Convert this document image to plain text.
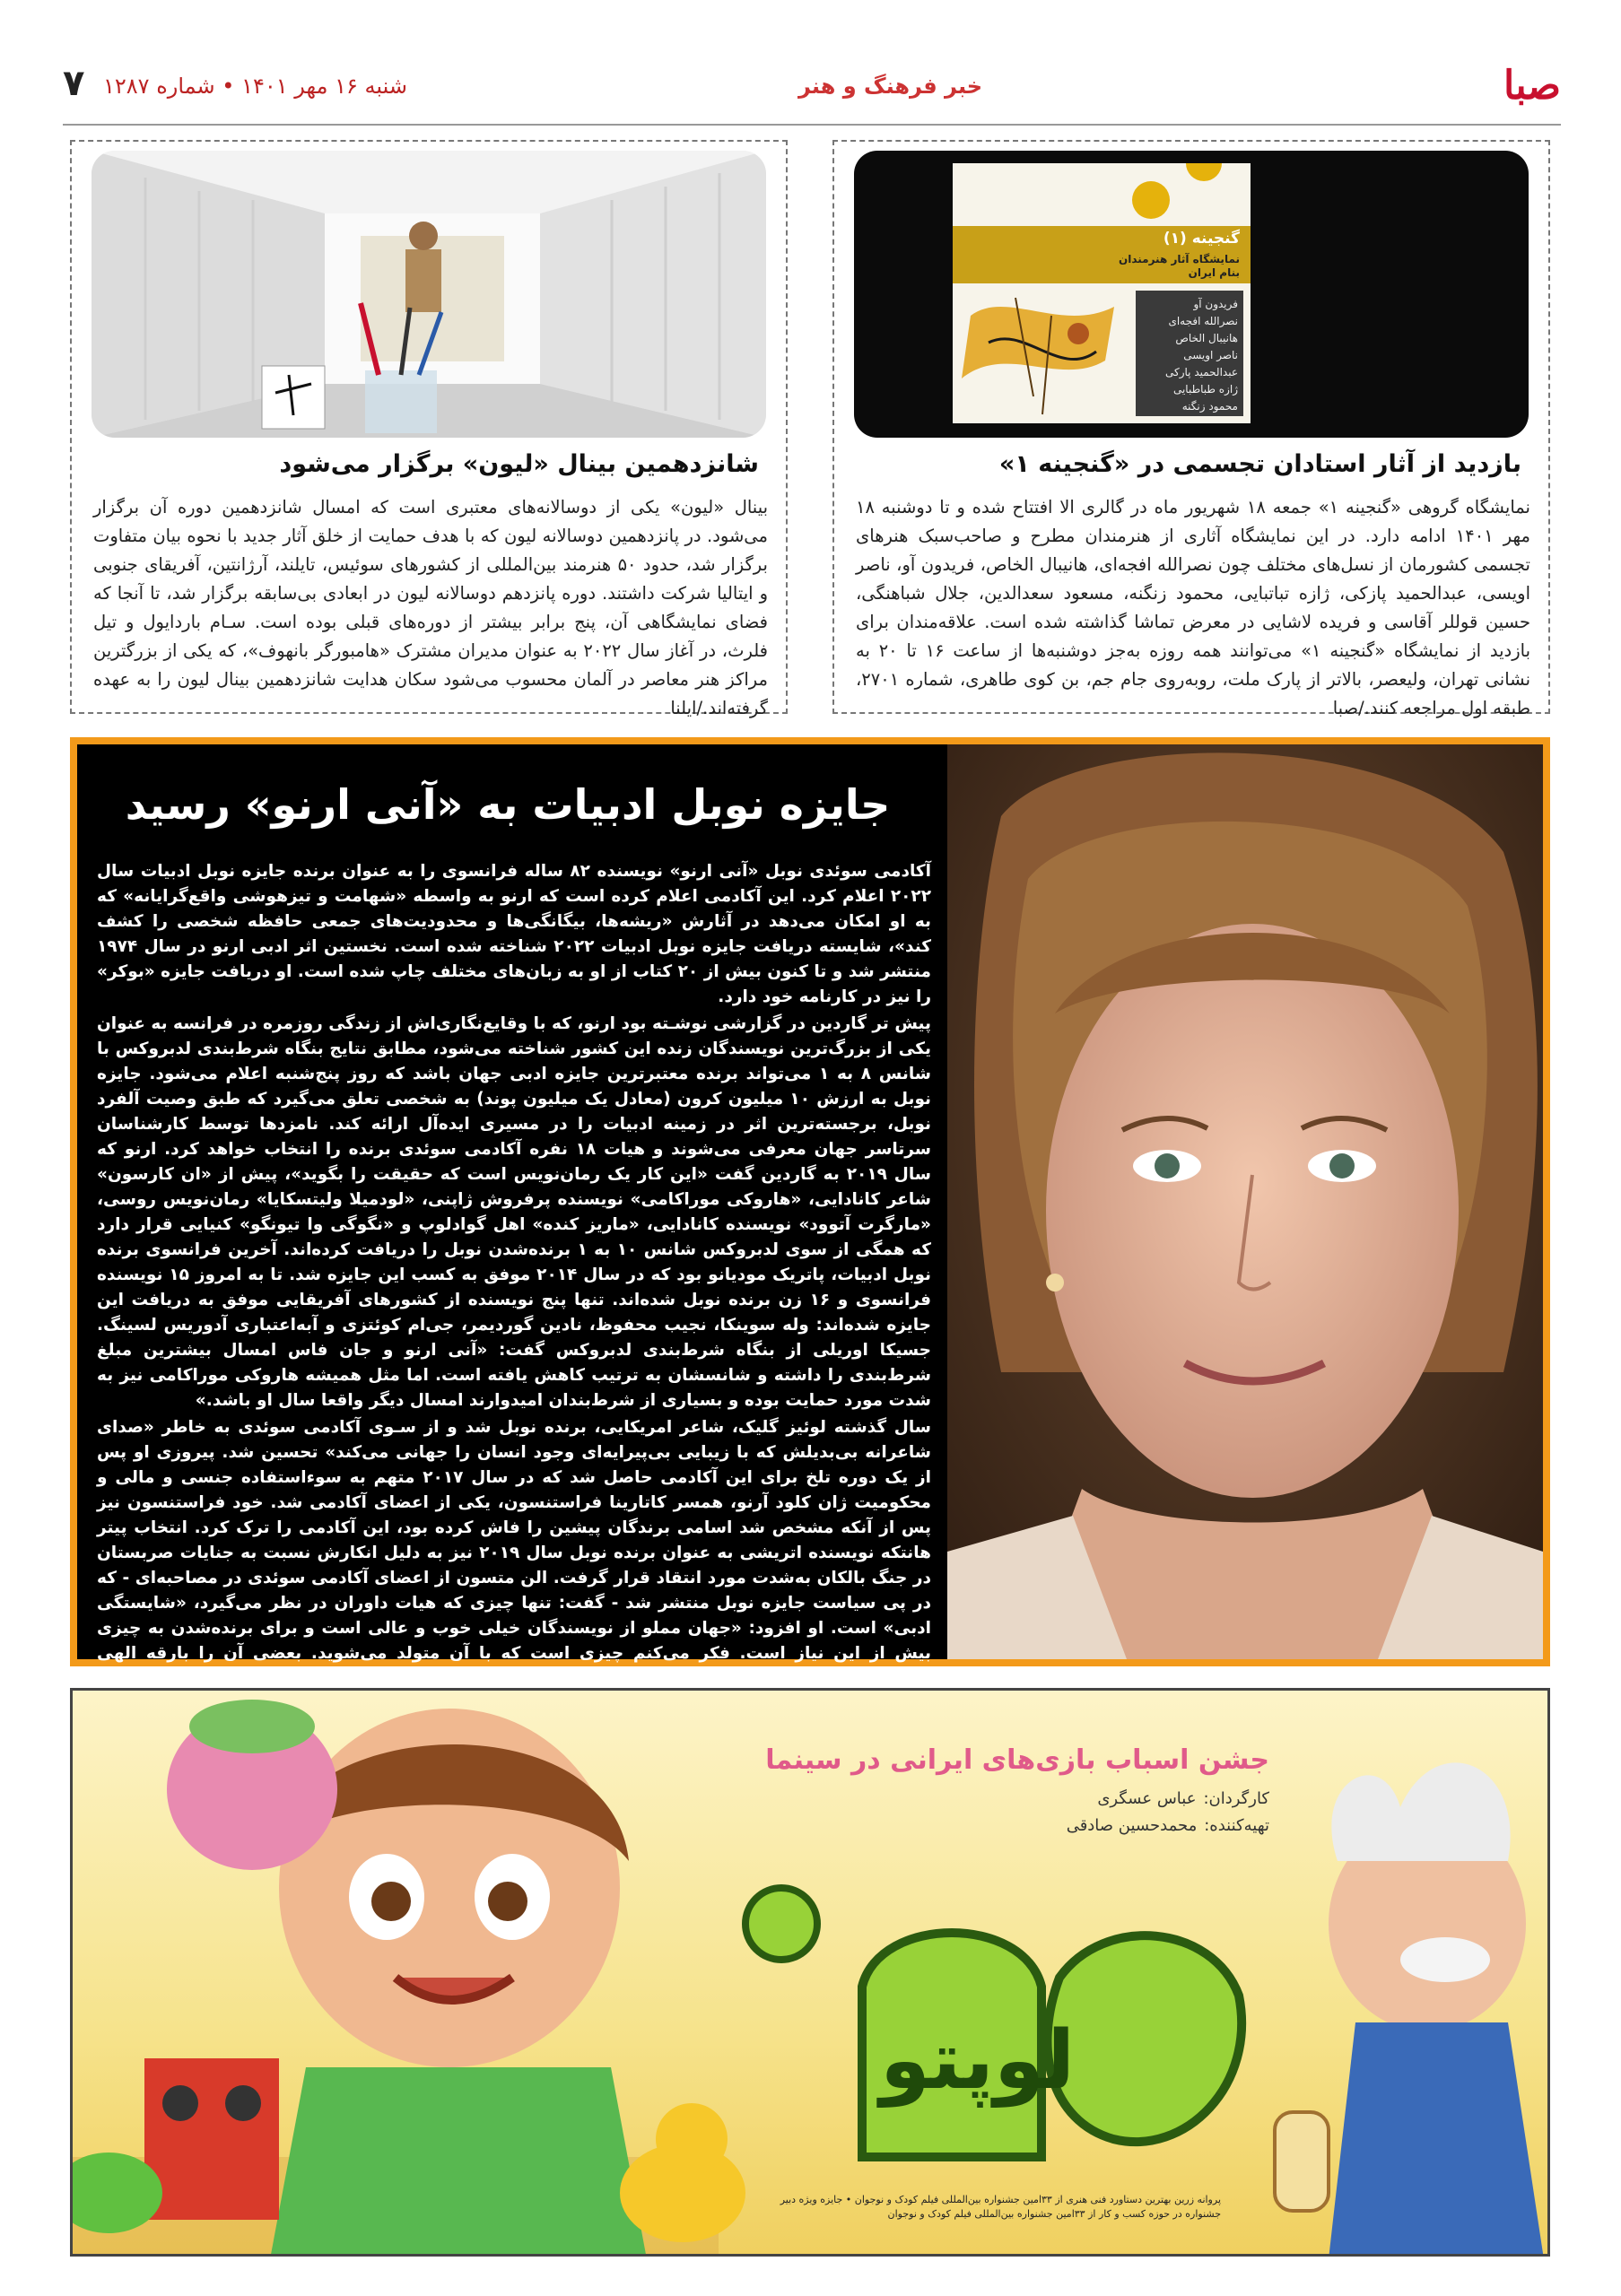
۷ شنبه ۱۶ مهر ۱۴۰۱ • شماره ۱۲۸۷	خبر فرهنگ و هنر	صبا
گنجینه (۱)
نمایشگاه آثار هنرمندان بنام ایران
فریدون آو
نصرالله افجه‌ای
هانیبال الخاص
ناصر اویسی
عبدالحمید پارکی
ژازه طباطبایی
محمود زنگنه
بازدید از آثار استادان تجسمی در «گنجینه ۱»
نمایشگاه گروهی «گنجینه ۱» جمعه ۱۸ شهریور ماه در گالری الا افتتاح شده و تا دوشنبه ۱۸ مهر ۱۴۰۱ ادامه دارد. در این نمایشگاه آثاری از هنرمندان مطرح و صاحب‌سبک هنرهای تجسمی کشورمان از نسل‌های مختلف چون نصرالله افجه‌ای، هانیبال الخاص، فریدون آو، ناصر اویسی، عبدالحمید پازکی، ژازه تباتبایی، محمود زنگنه، مسعود سعدالدین، جلال شباهنگی، حسین قوللر آقاسی و فریده لاشایی در معرض تماشا گذاشته شده است. علاقه‌مندان برای بازدید از نمایشگاه «گنجینه ۱» می‌توانند همه روزه به‌جز دوشنبه‌ها از ساعت ۱۶ تا ۲۰ به نشانی تهران، ولیعصر، بالاتر از پارک ملت، روبه‌روی جام جم، بن کوی طاهری، شماره ۲۷۰۱، طبقه اول مراجعه کنند./صبا
شانزدهمین بینال «لیون» برگزار می‌شود
بینال «لیون» یکی از دوسالانه‌های معتبری است که امسال شانزدهمین دوره آن برگزار می‌شود. در پانزدهمین دوسالانه لیون که با هدف حمایت از خلق آثار جدید با نحوه بیان متفاوت برگزار شد، حدود ۵۰ هنرمند بین‌المللی از کشورهای سوئیس، تایلند، آرژانتین، آفریقای جنوبی و ایتالیا شرکت داشتند. دوره پانزدهم دوسالانه لیون در ابعادی بی‌سابقه برگزار شد، تا آنجا که فضای نمایشگاهی آن، پنج برابر بیشتر از دوره‌های قبلی بوده است. سـام باردایول و تیل فلرث، در آغاز سال ۲۰۲۲ به عنوان مدیران مشترک «هامبورگر بانهوف»، که یکی از بزرگترین مراکز هنر معاصر در آلمان محسوب می‌شود سکان هدایت شانزدهمین بینال لیون را به عهده گرفته‌اند./ایلنا
جایزه نوبل ادبیات به «آنی ارنو» رسید

آکادمی سوئدی نوبل «آنی ارنو» نویسنده ۸۲ ساله فرانسوی را به عنوان برنده جایزه نوبل ادبیات سال ۲۰۲۲ اعلام کرد. این آکادمی اعلام کرده است که ارنو به واسطه «شهامت و تیزهوشی واقع‌گرایانه» که به او امکان می‌دهد در آثارش «ریشه‌ها، بیگانگی‌ها و محدودیت‌های جمعی حافظه شخصی را کشف کند»، شایسته دریافت جایزه نوبل ادبیات ۲۰۲۲ شناخته شده است. نخستین اثر ادبی ارنو در سال ۱۹۷۴ منتشر شد و تا کنون بیش از ۲۰ کتاب از او به زبان‌های مختلف چاپ شده است. او دریافت جایزه «بوکر» را نیز در کارنامه خود دارد.

پیش تر گاردین در گزارشی نوشـته بود ارنو، که با وقایع‌نگاری‌اش از زندگی روزمره در فرانسه به عنوان یکی از بزرگ‌ترین نویسندگان زنده این کشور شناخته می‌شود، مطابق نتایج بنگاه شرط‌بندی لدبروکس با شانس ۸ به ۱ می‌تواند برنده معتبرترین جایزه ادبی جهان باشد که روز پنج‌شنبه اعلام می‌شود. جایزه نوبل به ارزش ۱۰ میلیون کرون (معادل یک میلیون پوند) به شخصی تعلق می‌گیرد که طبق وصیت آلفرد نوبل، برجسته‌ترین اثر در زمینه ادبیات را در مسیری ایده‌آل ارائه کند. نامزدها توسط کارشناسان سرتاسر جهان معرفی می‌شوند و هیات ۱۸ نفره آکادمی سوئدی برنده را انتخاب خواهد کرد. ارنو که سال ۲۰۱۹ به گاردین گفت «این کار یک رمان‌نویس است که حقیقت را بگوید»، پیش از «ان کارسون» شاعر کانادایی، «هاروکی موراکامی» نویسنده پرفروش ژاپنی، «لودمیلا ولیتسکایا» رمان‌نویس روسی، «مارگرت آتوود» نویسنده کانادایی، «ماریز کنده» اهل گوادلوپ و «نگوگی وا تیونگو» کنیایی قرار دارد که همگی از سوی لدبروکس شانس ۱۰ به ۱ برنده‌شدن نوبل را دریافت کرده‌اند. آخرین فرانسوی برنده نوبل ادبیات، پاتریک مودیانو بود که در سال ۲۰۱۴ موفق به کسب این جایزه شد. تا به امروز ۱۵ نویسنده فرانسوی و ۱۶ زن برنده نوبل شده‌اند. تنها پنج نویسنده از کشورهای آفریقایی موفق به دریافت این جایزه شده‌اند: وله سوینکا، نجیب محفوظ، نادین گوردیمر، جی‌ام کوئتزی و آبه‌اعتباری آدوریس لسینگ. جسیکا اوریلی از بنگاه شرط‌بندی لدبروکس گفت: «آنی ارنو و جان فاس امسال بیشترین مبلغ شرط‌بندی را داشته و شانسشان به ترتیب کاهش یافته است. اما مثل همیشه هاروکی موراکامی نیز به شدت مورد حمایت بوده و بسیاری از شرط‌بندان امیدوارند امسال دیگر واقعا سال او باشد.»

سال گذشته لوئیز گلیک، شاعر امریکایی، برنده نوبل شد و از سـوی آکادمی سوئدی به خاطر «صدای شاعرانه بی‌بدیلش که با زیبایی بی‌پیرایه‌ای وجود انسان را جهانی می‌کند» تحسین شد. پیروزی او پس از یک دوره تلخ برای این آکادمی حاصل شد که در سال ۲۰۱۷ متهم به سوءاستفاده جنسی و مالی و محکومیت ژان کلود آرنو، همسر کاتارینا فراستنسون، یکی از اعضای آکادمی شد. خود فراستنسون نیز پس از آنکه مشخص شد اسامی برندگان پیشین را فاش کرده بود، این آکادمی را ترک کرد. انتخاب پیتر هانتکه نویسنده اتریشی به عنوان برنده نوبل سال ۲۰۱۹ نیز به دلیل انکارش نسبت به جنایات صربستان در جنگ بالکان به‌شدت مورد انتقاد قرار گرفت. الن متسون از اعضای آکادمی سوئدی در مصاحبه‌ای - که در پی سیاست جایزه نوبل منتشر شد - گفت: تنها چیزی که هیات داوران در نظر می‌گیرد، «شایستگی ادبی» است. او افزود: «جهان مملو از نویسندگان خیلی خوب و عالی است و برای برنده‌شدن به چیزی بیش از این نیاز است. فکر می‌کنم چیزی است که با آن متولد می‌شوید. بعضی آن را بارقه الهی می‌نامند.»/ایبنا

جشن اسباب بازی‌های ایرانی در سینما
کارگردان:
عباس عسگری
تهیه‌کننده:
محمدحسین صادقی
لوپتو
پروانه زرین بهترین دستاورد فنی هنری از ۳۳امین جشنواره بین‌المللی فیلم کودک و نوجوان • جایزه ویژه دبیر جشنواره در حوزه کسب و کار از ۳۳امین جشنواره بین‌المللی فیلم کودک و نوجوان
